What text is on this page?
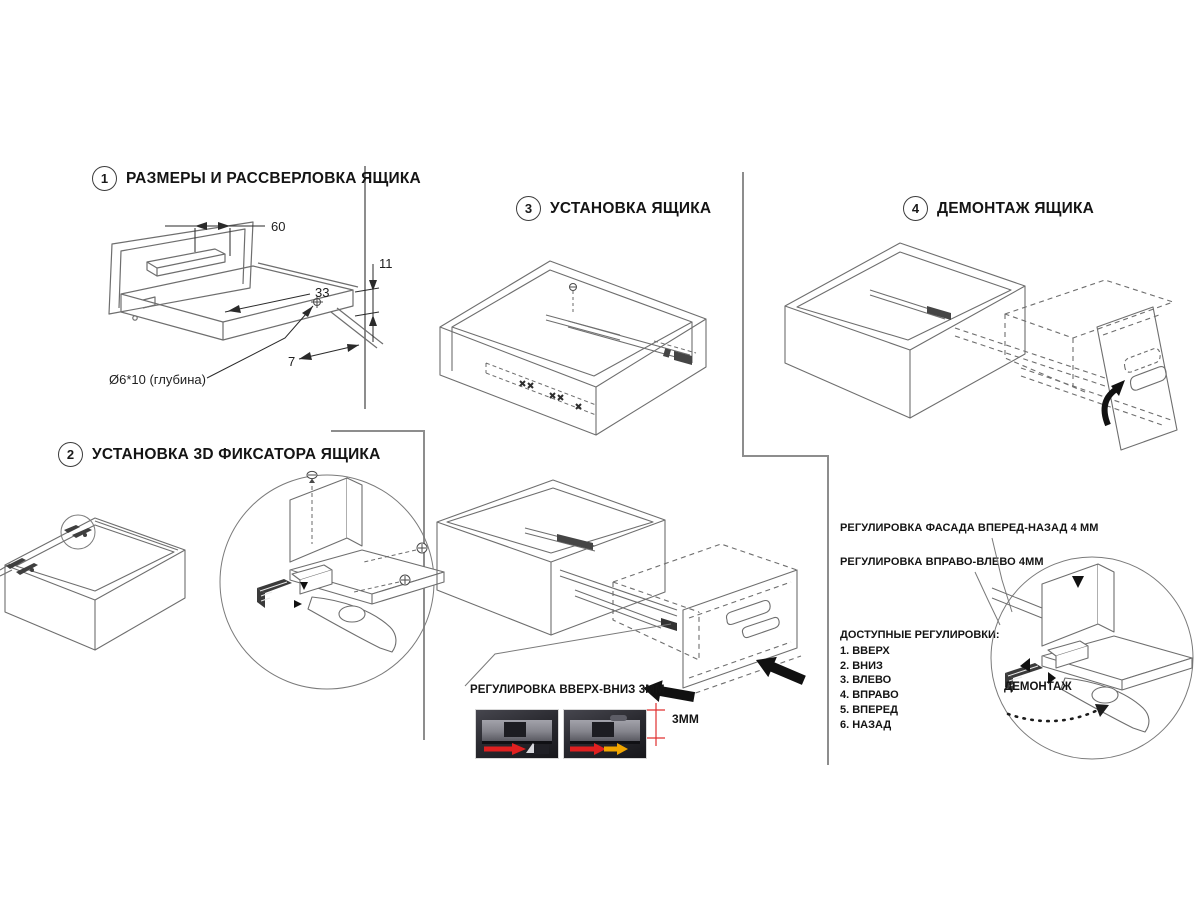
1	РАЗМЕРЫ И РАССВЕРЛОВКА ЯЩИКА
2	УСТАНОВКА 3D ФИКСАТОРА ЯЩИКА
3	УСТАНОВКА ЯЩИКА	4	ДЕМОНТАЖ ЯЩИКА
60
33
11
7
Ø6*10 (глубина)
РЕГУЛИРОВКА ВВЕРХ-ВНИЗ 3ММ
3ММ
РЕГУЛИРОВКА ФАСАДА ВПЕРЕД-НАЗАД 4 ММ
РЕГУЛИРОВКА ВПРАВО-ВЛЕВО 4ММ
ДОСТУПНЫЕ РЕГУЛИРОВКИ:
1. ВВЕРХ
2. ВНИЗ
3. ВЛЕВО
4. ВПРАВО
5. ВПЕРЕД
6. НАЗАД
ДЕМОНТАЖ
